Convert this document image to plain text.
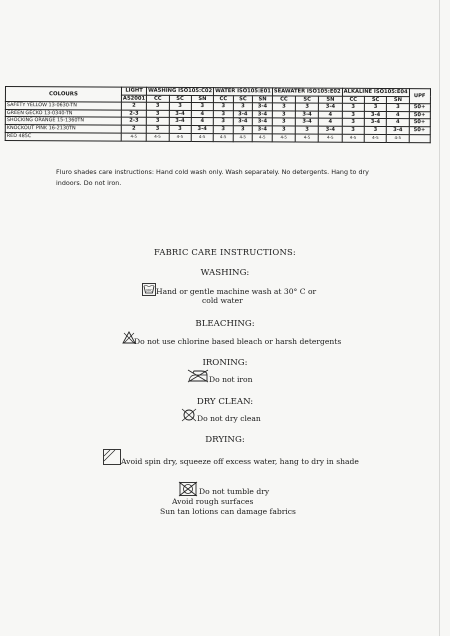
COLOURS	LIGHT	WASHING ISO105:C02			WATER ISO105:E01			SEAWATER ISO105:E02			ALKALINE ISO105:E04			UPF
	AS2001	CC	SC	SN	CC	SC	SN	CC	SC	SN	CC	SC	SN	
SAFETY YELLOW 13-0630-TN	2	3	3	3	3	3	3-4	3	3	3-4	3	3	3	50+
GREEN GECKO 13-0340-TN	2-3	3	3-4	4	3	3-4	3-4	3	3-4	4	3	3-4	4	50+
SHOCKING ORANGE 15-1360TN	2-3	3	3-4	4	3	3-4	3-4	3	3-4	4	3	3-4	4	50+
KNOCKOUT PINK 16-2130TN	2	3	3	3-4	3	3	3-4	3	3	3-4	3	3	3-4	50+
RED 485C	4-5	4-5	4-5	4-5	4-5	4-5	4-5	4-5	4-5	4-5	4-5	4-5	4-5	
Fluro shades care instructions: Hand cold wash only. Wash separately. No detergents. Hang to dry indoors. Do not iron.
FABRIC CARE INSTRUCTIONS:
WASHING:
30C Hand or gentle machine wash at 30° C or
cold water
BLEACHING:
Do not use chlorine based bleach or harsh detergents
IRONING:
Do not iron
DRY CLEAN:
Do not dry clean
DRYING:
Avoid spin dry, squeeze off excess water, hang to dry in shade
Do not tumble dry
Avoid rough surfaces
Sun tan lotions can damage fabrics
